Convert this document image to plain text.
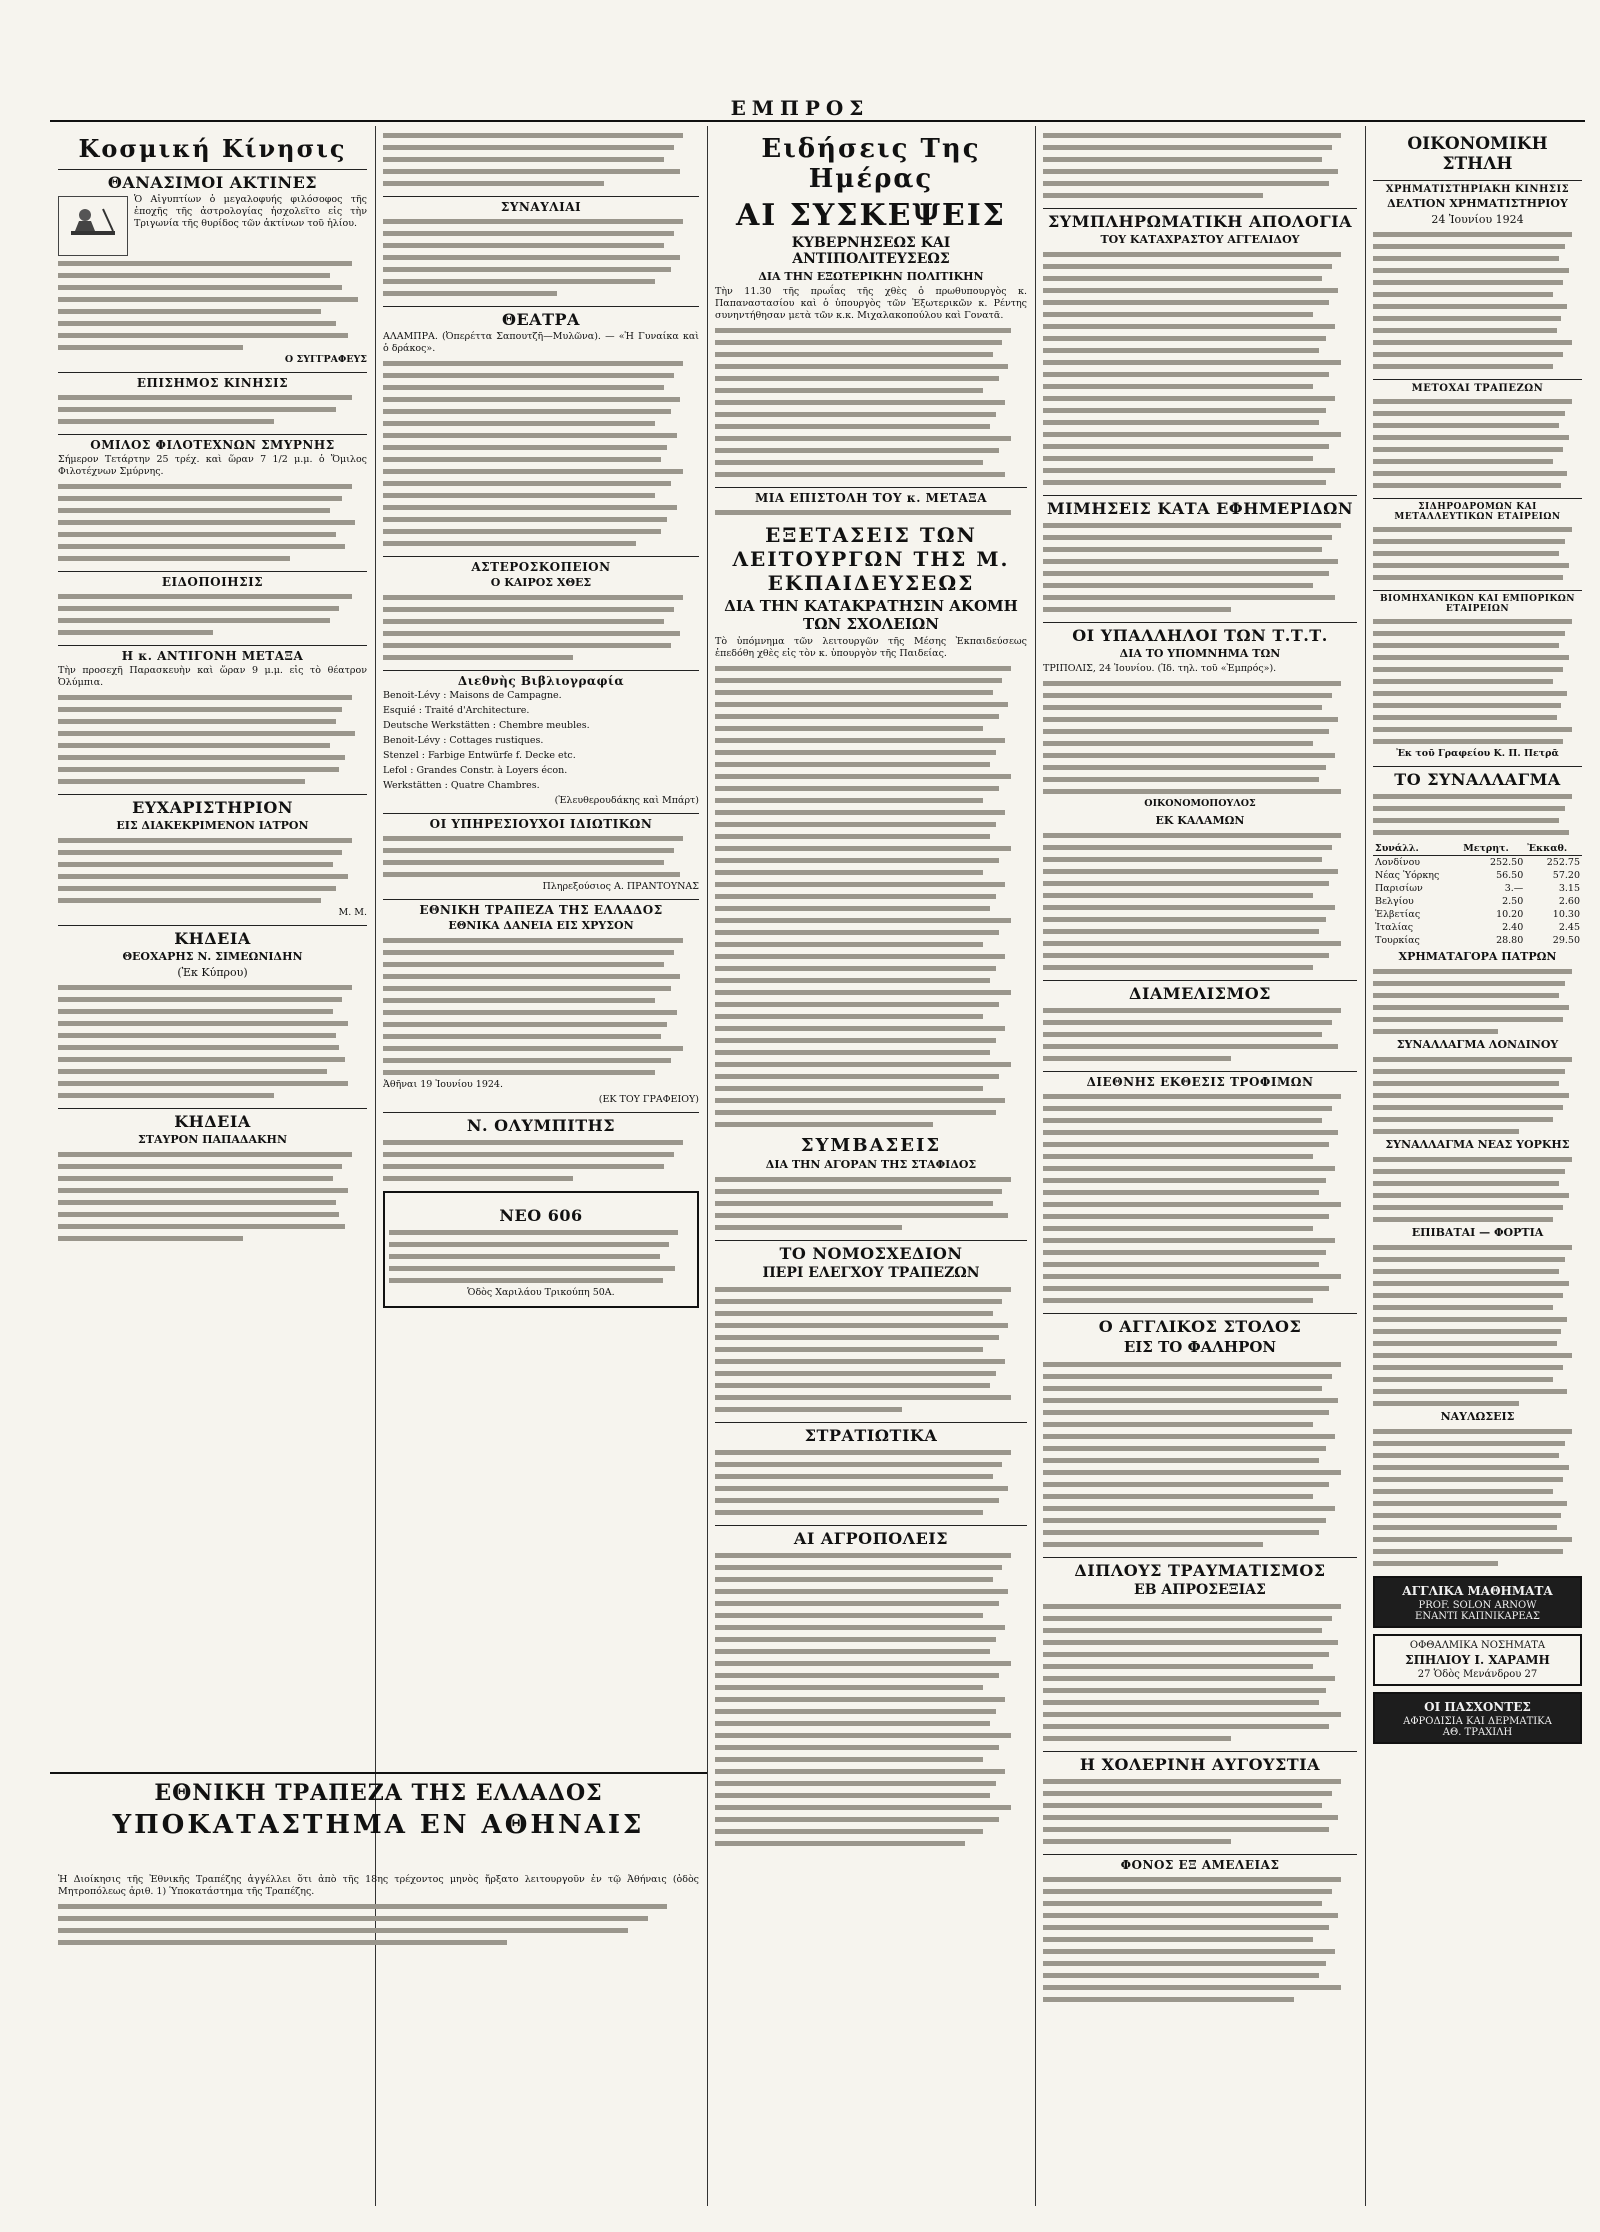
ΕΜΠΡΟΣ
Κοσμική Κίνησις
ΘΑΝΑΣΙΜΟΙ ΑΚΤΙΝΕΣ

Ὁ Αἰγυπτίων ὁ μεγαλοφυής φιλόσοφος τῆς ἐποχῆς τῆς ἀστρολογίας ἠσχολεῖτο εἰς τὴν Τριγωνία τῆς θυρίδος τῶν ἀκτίνων τοῦ ἡλίου.

Ο ΣΥΓΓΡΑΦΕΥΣ

ΕΠΙΣΗΜΟΣ ΚΙΝΗΣΙΣ

ΟΜΙΛΟΣ ΦΙΛΟΤΕΧΝΩΝ ΣΜΥΡΝΗΣ

Σήμερον Τετάρτην 25 τρέχ. καὶ ὥραν 7 1/2 μ.μ. ὁ Ὅμιλος Φιλοτέχνων Σμύρνης.

ΕΙΔΟΠΟΙΗΣΙΣ

Η κ. ΑΝΤΙΓΟΝΗ ΜΕΤΑΞΑ

Τὴν προσεχῆ Παρασκευὴν καὶ ὥραν 9 μ.μ. εἰς τὸ θέατρον Ὀλύμπια.

ΕΥΧΑΡΙΣΤΗΡΙΟΝ
ΕΙΣ ΔΙΑΚΕΚΡΙΜΕΝΟΝ ΙΑΤΡΟΝ

Μ. Μ.

ΚΗΔΕΙΑ
ΘΕΟΧΑΡΗΣ Ν. ΣΙΜΕΩΝΙΔΗΝ
(Ἐκ Κύπρου)

ΚΗΔΕΙΑ
ΣΤΑΥΡΟΝ ΠΑΠΑΔΑΚΗΝ

ΣΥΝΑΥΛΙΑΙ

ΘΕΑΤΡΑ

ΑΛΑΜΠΡΑ. (Ὀπερέττα Σαπουτζῆ—Μυλῶνα). — «Ἡ Γυναίκα καὶ ὁ δράκος».

ΑΣΤΕΡΟΣΚΟΠΕΙΟΝ
Ο ΚΑΙΡΟΣ ΧΘΕΣ

Διεθνὴς Βιβλιογραφία

Benoit-Lévy : Maisons de Campagne.

Esquié : Traité d'Architecture.

Deutsche Werkstätten : Chembre meubles.

Benoit-Lévy : Cottages rustiques.

Stenzel : Farbige Entwürfe f. Decke etc.

Lefol : Grandes Constr. à Loyers écon.

Werkstätten : Quatre Chambres.

(Ἐλευθερουδάκης καὶ Μπάρτ)

ΟΙ ΥΠΗΡΕΣΙΟΥΧΟΙ ΙΔΙΩΤΙΚΩΝ

Πληρεξούσιος Α. ΠΡΑΝΤΟΥΝΑΣ

ΕΘΝΙΚΗ ΤΡΑΠΕΖΑ ΤΗΣ ΕΛΛΑΔΟΣ
ΕΘΝΙΚΑ ΔΑΝΕΙΑ ΕΙΣ ΧΡΥΣΟΝ

Ἀθῆναι 19 Ἰουνίου 1924.

(ΕΚ ΤΟΥ ΓΡΑΦΕΙΟΥ)

Ν. ΟΛΥΜΠΙΤΗΣ

ΝΕΟ 606

Ὁδὸς Χαριλάου Τρικούπη 50Α.

Ειδήσεις Της Ημέρας
ΑΙ ΣΥΣΚΕΨΕΙΣ
ΚΥΒΕΡΝΗΣΕΩΣ ΚΑΙ ΑΝΤΙΠΟΛΙΤΕΥΣΕΩΣ
ΔΙΑ ΤΗΝ ΕΞΩΤΕΡΙΚΗΝ ΠΟΛΙΤΙΚΗΝ

Τὴν 11.30 τῆς πρωΐας τῆς χθὲς ὁ πρωθυπουργὸς κ. Παπαναστασίου καὶ ὁ ὑπουργὸς τῶν Ἐξωτερικῶν κ. Ρέντης συνηντήθησαν μετὰ τῶν κ.κ. Μιχαλακοπούλου καὶ Γονατᾶ.

ΜΙΑ ΕΠΙΣΤΟΛΗ ΤΟΥ κ. ΜΕΤΑΞΑ

ΕΞΕΤΑΣΕΙΣ ΤΩΝ ΛΕΙΤΟΥΡΓΩΝ ΤΗΣ Μ. ΕΚΠΑΙΔΕΥΣΕΩΣ
ΔΙΑ ΤΗΝ ΚΑΤΑΚΡΑΤΗΣΙΝ ΑΚΟΜΗ ΤΩΝ ΣΧΟΛΕΙΩΝ

Τὸ ὑπόμνημα τῶν λειτουργῶν τῆς Μέσης Ἐκπαιδεύσεως ἐπεδόθη χθὲς εἰς τὸν κ. ὑπουργὸν τῆς Παιδείας.

ΣΥΜΒΑΣΕΙΣ
ΔΙΑ ΤΗΝ ΑΓΟΡΑΝ ΤΗΣ ΣΤΑΦΙΔΟΣ

ΤΟ ΝΟΜΟΣΧΕΔΙΟΝ
ΠΕΡΙ ΕΛΕΓΧΟΥ ΤΡΑΠΕΖΩΝ

ΣΤΡΑΤΙΩΤΙΚΑ

ΑΙ ΑΓΡΟΠΟΛΕΙΣ

ΣΥΜΠΛΗΡΩΜΑΤΙΚΗ ΑΠΟΛΟΓΙΑ
ΤΟΥ ΚΑΤΑΧΡΑΣΤΟΥ ΑΓΓΕΛΙΔΟΥ

ΜΙΜΗΣΕΙΣ ΚΑΤΑ ΕΦΗΜΕΡΙΔΩΝ

ΟΙ ΥΠΑΛΛΗΛΟΙ ΤΩΝ Τ.Τ.Τ.
ΔΙΑ ΤΟ ΥΠΟΜΝΗΜΑ ΤΩΝ

ΤΡΙΠΟΛΙΣ, 24 Ἰουνίου. (Ἰδ. τηλ. τοῦ «Ἐμπρός»).

ΟΙΚΟΝΟΜΟΠΟΥΛΟΣ

ΕΚ ΚΑΛΑΜΩΝ

ΔΙΑΜΕΛΙΣΜΟΣ

ΔΙΕΘΝΗΣ ΕΚΘΕΣΙΣ ΤΡΟΦΙΜΩΝ

Ο ΑΓΓΛΙΚΟΣ ΣΤΟΛΟΣ
ΕΙΣ ΤΟ ΦΑΛΗΡΟΝ

ΔΙΠΛΟΥΣ ΤΡΑΥΜΑΤΙΣΜΟΣ
ΕΒ ΑΠΡΟΣΕΞΙΑΣ

Η ΧΟΛΕΡΙΝΗ ΑΥΓΟΥΣΤΙΑ

ΦΟΝΟΣ ΕΞ ΑΜΕΛΕΙΑΣ

ΟΙΚΟΝΟΜΙΚΗ ΣΤΗΛΗ
ΧΡΗΜΑΤΙΣΤΗΡΙΑΚΗ ΚΙΝΗΣΙΣ
ΔΕΛΤΙΟΝ ΧΡΗΜΑΤΙΣΤΗΡΙΟΥ
24 Ἰουνίου 1924

ΜΕΤΟΧΑΙ ΤΡΑΠΕΖΩΝ

ΣΙΔΗΡΟΔΡΟΜΩΝ ΚΑΙ ΜΕΤΑΛΛΕΥΤΙΚΩΝ ΕΤΑΙΡΕΙΩΝ

ΒΙΟΜΗΧΑΝΙΚΩΝ ΚΑΙ ΕΜΠΟΡΙΚΩΝ ΕΤΑΙΡΕΙΩΝ

Ἐκ τοῦ Γραφείου Κ. Π. Πετρᾶ

ΤΟ ΣΥΝΑΛΛΑΓΜΑ

Συνάλλ.	Μετρητ.	Ἐκκαθ.
Λονδίνου	252.50	252.75
Νέας Ὑόρκης	56.50	57.20
Παρισίων	3.—	3.15
Βελγίου	2.50	2.60
Ἑλβετίας	10.20	10.30
Ἰταλίας	2.40	2.45
Τουρκίας	28.80	29.50
ΧΡΗΜΑΤΑΓΟΡΑ ΠΑΤΡΩΝ

ΣΥΝΑΛΛΑΓΜΑ ΛΟΝΔΙΝΟΥ

ΣΥΝΑΛΛΑΓΜΑ ΝΕΑΣ ΥΟΡΚΗΣ

ΕΠΙΒΑΤΑΙ — ΦΟΡΤΙΑ

ΝΑΥΛΩΣΕΙΣ

ΑΓΓΛΙΚΑ ΜΑΘΗΜΑΤΑ
PROF. SOLON ARNOW
ΕΝΑΝΤΙ ΚΑΠΝΙΚΑΡΕΑΣ
ΟΦΘΑΛΜΙΚΑ ΝΟΣΗΜΑΤΑ
ΣΠΗΛΙΟΥ Ι. ΧΑΡΑΜΗ
27 Ὁδὸς Μενάνδρου 27
ΟΙ ΠΑΣΧΟΝΤΕΣ
ΑΦΡΟΔΙΣΙΑ ΚΑΙ ΔΕΡΜΑΤΙΚΑ
ΑΘ. ΤΡΑΧΙΛΗ
ΕΘΝΙΚΗ ΤΡΑΠΕΖΑ ΤΗΣ ΕΛΛΑΔΟΣ
ΥΠΟΚΑΤΑΣΤΗΜΑ ΕΝ ΑΘΗΝΑΙΣ

Ἡ Διοίκησις τῆς Ἐθνικῆς Τραπέζης ἀγγέλλει ὅτι ἀπὸ τῆς 18ης τρέχοντος μηνὸς ἤρξατο λειτουργοῦν ἐν τῷ Ἀθήναις (ὁδὸς Μητροπόλεως ἀριθ. 1) Ὑποκατάστημα τῆς Τραπέζης.
